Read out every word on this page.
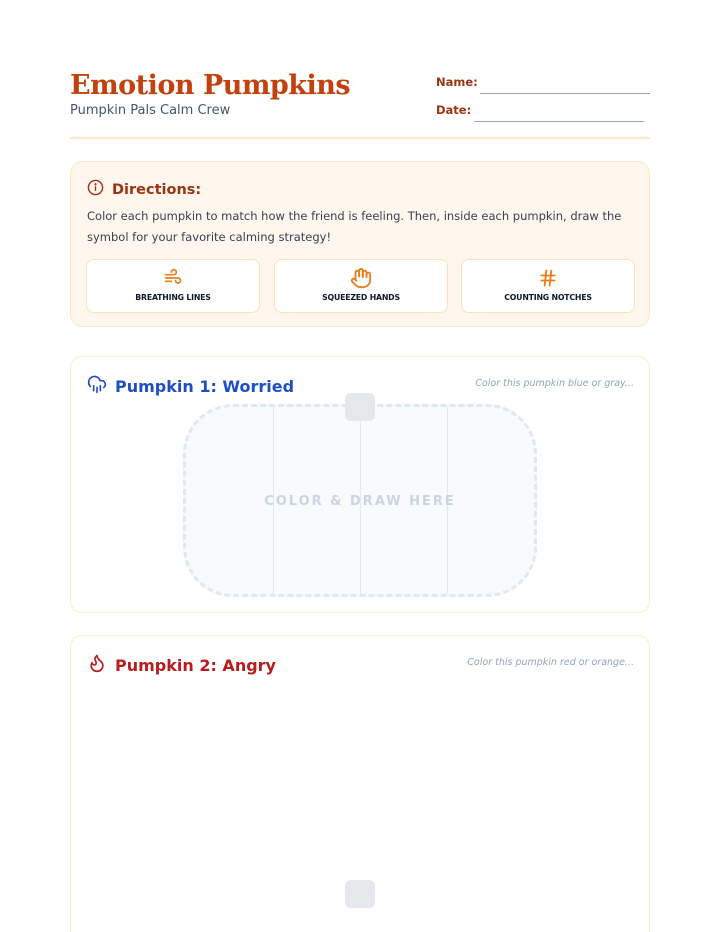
Emotion Pumpkins
Pumpkin Pals Calm Crew
Name:
Date:
Directions:
Color each pumpkin to match how the friend is feeling. Then, inside each pumpkin, draw the symbol for your favorite calming strategy!
BREATHING LINES	SQUEEZED HANDS	COUNTING NOTCHES
Pumpkin 1: Worried	Color this pumpkin blue or gray...
COLOR & DRAW HERE
Pumpkin 2: Angry	Color this pumpkin red or orange...
